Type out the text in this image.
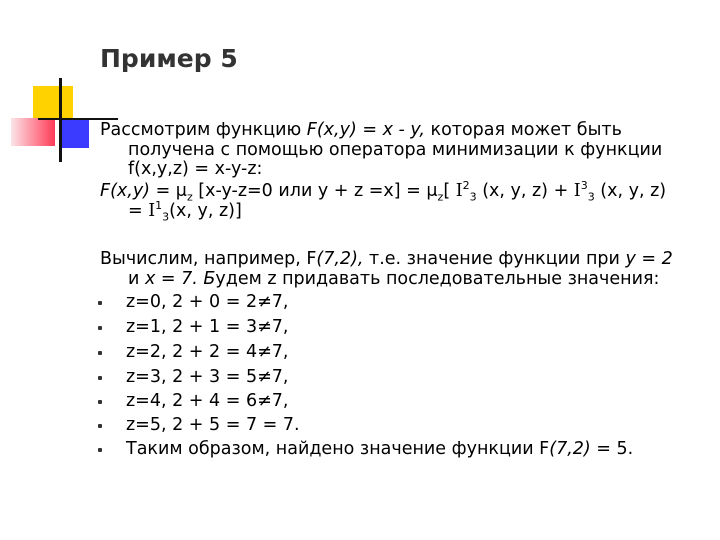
Пример 5
Рассмотрим функцию F(x,y) = x - y, которая может быть
получена с помощью оператора минимизации к функции
f(x,y,z) = x-y-z:
$F(x,y) = \mu_z$ [x-y-z=0 или $y + z =x] = \mu_z$[ $I^2_3$ (x, y, $z) + I^3_3$ (x, y, z)
= $I^1_3(x$, y, z)]
Вычислим, например, F(7,2), т.е. значение функции при y = 2
и x = 7. Будем z придавать последовательные значения:
z=0, 2 + 0 = 2≠7,
z=1, 2 + 1 = 3≠7,
z=2, 2 + 2 = 4≠7,
z=3, 2 + 3 = 5≠7,
z=4, 2 + 4 = 6≠7,
z=5, 2 + 5 = 7 = 7.
Таким образом, найдено значение функции F(7,2) = 5.
